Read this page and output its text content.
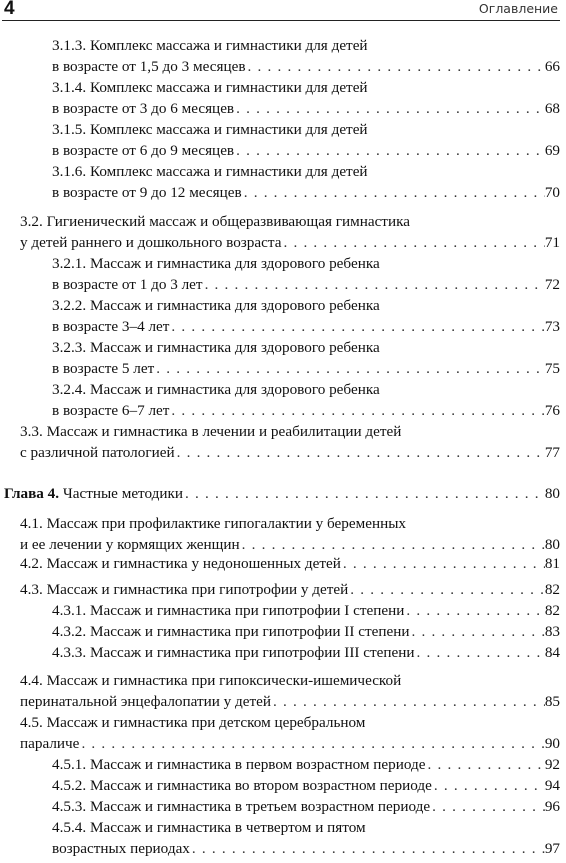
4	Оглавление
3.1.3. Комплекс массажа и гимнастики для детей
в возрасте от 1,5 до 3 месяцев . . .	66
3.1.4. Комплекс массажа и гимнастики для детей
в возрасте от 3 до 6 месяцев . . .	68
3.1.5. Комплекс массажа и гимнастики для детей
в возрасте от 6 до 9 месяцев . . .	69
3.1.6. Комплекс массажа и гимнастики для детей
в возрасте от 9 до 12 месяцев . . .	70
3.2. Гигиенический массаж и общеразвивающая гимнастика
у детей раннего и дошкольного возраста . . .	71
3.2.1. Массаж и гимнастика для здорового ребенка
в возрасте от 1 до 3 лет . . .	72
3.2.2. Массаж и гимнастика для здорового ребенка
в возрасте 3–4 лет . . .	73
3.2.3. Массаж и гимнастика для здорового ребенка
в возрасте 5 лет . . .	75
3.2.4. Массаж и гимнастика для здорового ребенка
в возрасте 6–7 лет . . .	76
3.3. Массаж и гимнастика в лечении и реабилитации детей
с различной патологией . . .	77
Глава 4. Частные методики . . .	80
4.1. Массаж при профилактике гипогалактии у беременных
и ее лечении у кормящих женщин . . .	80
4.2. Массаж и гимнастика у недоношенных детей . . .	81
4.3. Массаж и гимнастика при гипотрофии у детей . . .	82
4.3.1. Массаж и гимнастика при гипотрофии I степени . . .	82
4.3.2. Массаж и гимнастика при гипотрофии II степени . . .	83
4.3.3. Массаж и гимнастика при гипотрофии III степени . . .	84
4.4. Массаж и гимнастика при гипоксически-ишемической
перинатальной энцефалопатии у детей . . .	85
4.5. Массаж и гимнастика при детском церебральном
параличе . . .	90
4.5.1. Массаж и гимнастика в первом возрастном периоде . . .	92
4.5.2. Массаж и гимнастика во втором возрастном периоде . . .	94
4.5.3. Массаж и гимнастика в третьем возрастном периоде . . .	96
4.5.4. Массаж и гимнастика в четвертом и пятом
возрастных периодах . . .	97
